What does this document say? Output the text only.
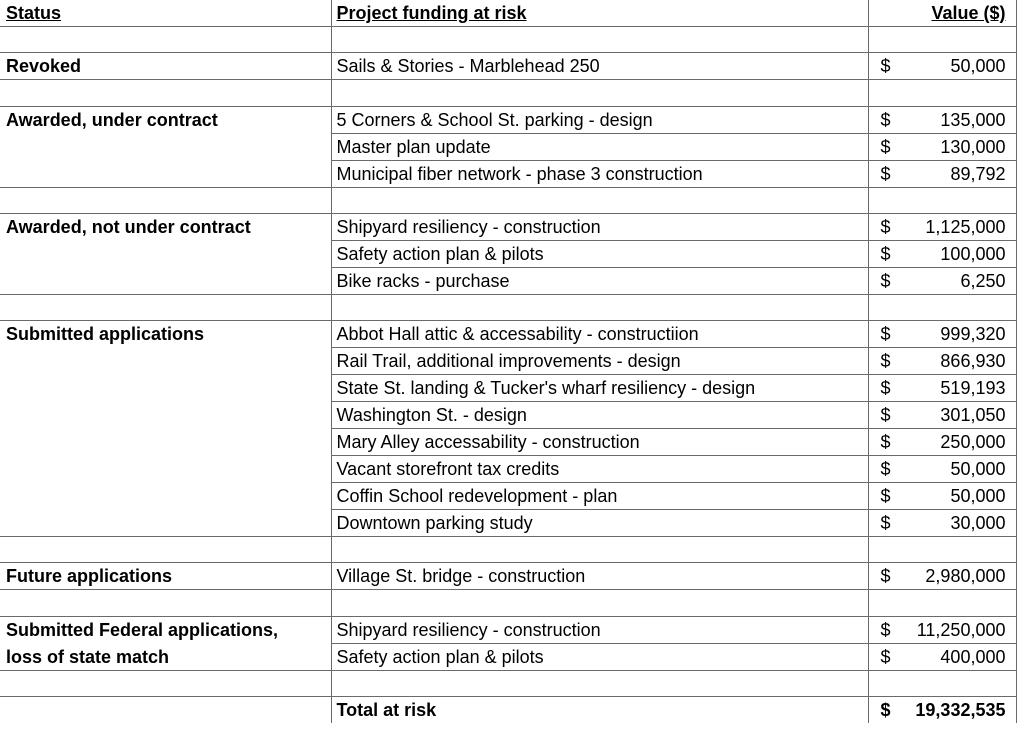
Status	Project funding at risk	Value ($)

Revoked	Sails & Stories - Marblehead 250	$ 50,000

Awarded, under contract	5 Corners & School St. parking - design	$ 135,000

	Master plan update	$ 130,000

	Municipal fiber network - phase 3 construction	$ 89,792

Awarded, not under contract	Shipyard resiliency - construction	$ 1,125,000

	Safety action plan & pilots	$ 100,000

	Bike racks - purchase	$ 6,250

Submitted applications	Abbot Hall attic & accessability - constructiion	$ 999,320

	Rail Trail, additional improvements - design	$ 866,930

	State St. landing & Tucker's wharf resiliency - design	$ 519,193

	Washington St. - design	$ 301,050

	Mary Alley accessability - construction	$ 250,000

	Vacant storefront tax credits	$ 50,000

	Coffin School redevelopment - plan	$ 50,000

	Downtown parking study	$ 30,000

Future applications	Village St. bridge - construction	$ 2,980,000

Submitted Federal applications,	Shipyard resiliency - construction	$ 11,250,000

loss of state match	Safety action plan & pilots	$ 400,000

	Total at risk	$ 19,332,535
